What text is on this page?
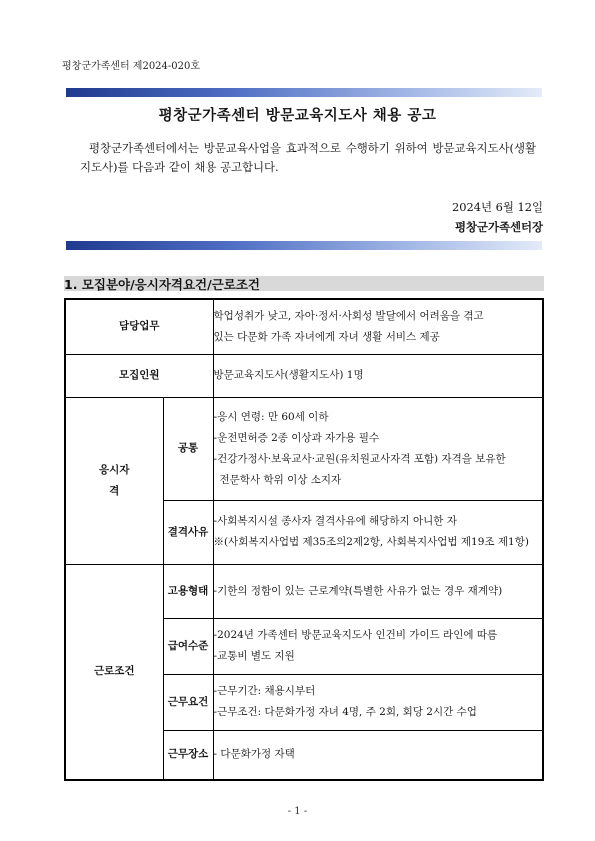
평창군가족센터 제2024-020호
평창군가족센터 방문교육지도사 채용 공고
평창군가족센터에서는 방문교육사업을 효과적으로 수행하기 위하여 방문교육지도사(생활지도사)를 다음과 같이 채용 공고합니다.
2024년 6월 12일
평창군가족센터장
1. 모집분야/응시자격요건/근로조건
담당업무		학업성취가 낮고, 자아·정서·사회성 발달에서 어려움을 겪고
있는 다문화 가족 자녀에게 자녀 생활 서비스 제공

모집인원		방문교육지도사(생활지도사) 1명
응시자격	공통	-응시 연령: 만 60세 이하
-운전면허증 2종 이상과 자가용 필수
-건강가정사·보육교사·교원(유치원교사자격 포함) 자격을 보유한
전문학사 학위 이상 소지자

	결격사유	-사회복지시설 종사자 결격사유에 해당하지 아니한 자
※(사회복지사업법 제35조의2제2항, 사회복지사업법 제19조 제1항)

근로조건	고용형태	-기한의 정함이 있는 근로계약(특별한 사유가 없는 경우 재계약)
	급여수준	-2024년 가족센터 방문교육지도사 인건비 가이드 라인에 따름
-교통비 별도 지원

	근무요건	-근무기간: 채용시부터
-근무조건: 다문화가정 자녀 4명, 주 2회, 회당 2시간 수업

	근무장소	- 다문화가정 자택
- 1 -
